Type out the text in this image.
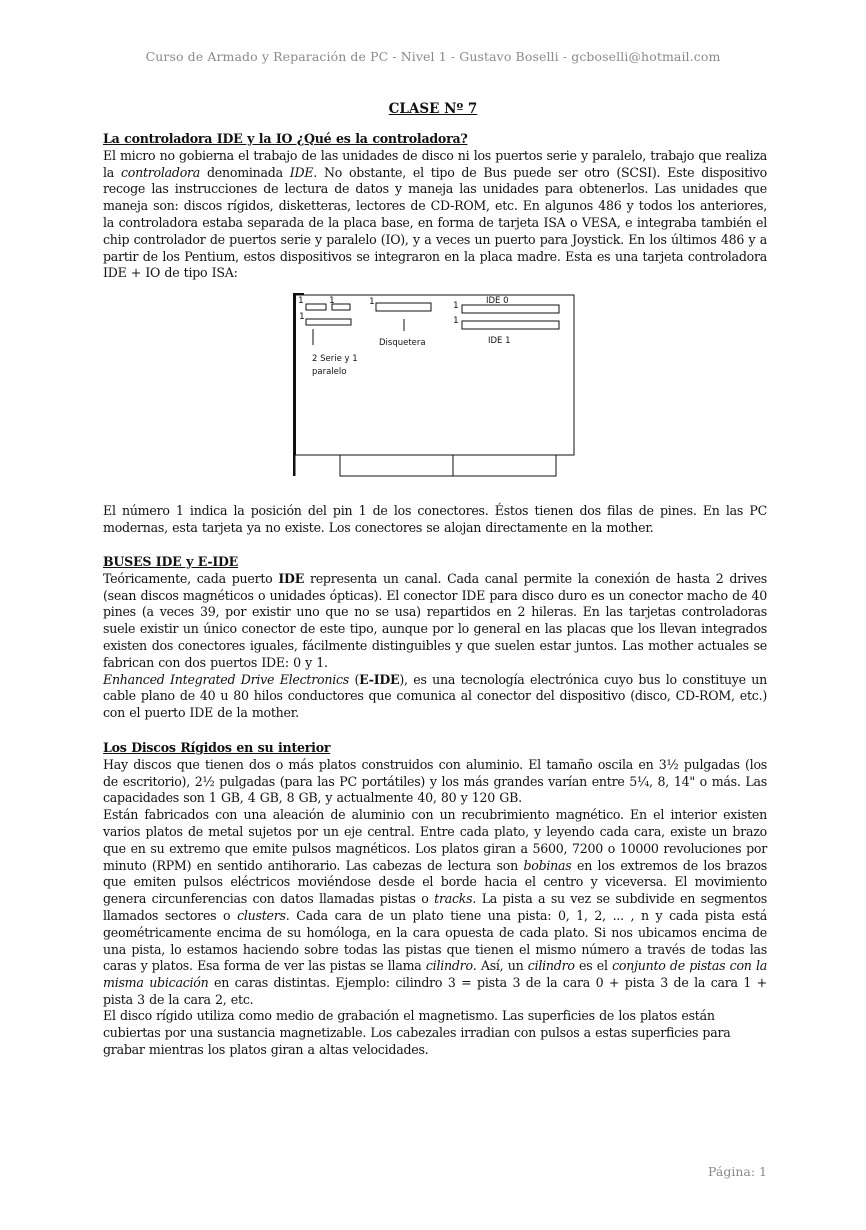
Curso de Armado y Reparación de PC - Nivel 1 - Gustavo Boselli - gcboselli@hotmail.com
CLASE Nº 7
La controladora IDE y la IO ¿Qué es la controladora?
El micro no gobierna el trabajo de las unidades de disco ni los puertos serie y paralelo, trabajo que realiza la controladora denominada IDE. No obstante, el tipo de Bus puede ser otro (SCSI). Este dispositivo recoge las instrucciones de lectura de datos y maneja las unidades para obtenerlos. Las unidades que maneja son: discos rígidos, disketteras, lectores de CD-ROM, etc. En algunos 486 y todos los anteriores, la controladora estaba separada de la placa base, en forma de tarjeta ISA o VESA, e integraba también el chip controlador de puertos serie y paralelo (IO), y a veces un puerto para Joystick. En los últimos 486 y a partir de los Pentium, estos dispositivos se integraron en la placa madre. Esta es una tarjeta controladora IDE + IO de tipo ISA:
1	1
1
1	1
1
IDE 0
IDE 1
Disquetera
2 Serie y 1
paralelo
El número 1 indica la posición del pin 1 de los conectores. Éstos tienen dos filas de pines. En las PC modernas, esta tarjeta ya no existe. Los conectores se alojan directamente en la mother.
BUSES IDE y E-IDE
Teóricamente, cada puerto IDE representa un canal. Cada canal permite la conexión de hasta 2 drives (sean discos magnéticos o unidades ópticas). El conector IDE para disco duro es un conector macho de 40 pines (a veces 39, por existir uno que no se usa) repartidos en 2 hileras. En las tarjetas controladoras suele existir un único conector de este tipo, aunque por lo general en las placas que los llevan integrados existen dos conectores iguales, fácilmente distinguibles y que suelen estar juntos. Las mother actuales se fabrican con dos puertos IDE: 0 y 1.
Enhanced Integrated Drive Electronics (E-IDE), es una tecnología electrónica cuyo bus lo constituye un cable plano de 40 u 80 hilos conductores que comunica al conector del dispositivo (disco, CD-ROM, etc.) con el puerto IDE de la mother.
Los Discos Rígidos en su interior
Hay discos que tienen dos o más platos construidos con aluminio. El tamaño oscila en 3½ pulgadas (los de escritorio), 2½ pulgadas (para las PC portátiles) y los más grandes varían entre 5¼, 8, 14" o más. Las capacidades son 1 GB, 4 GB, 8 GB, y actualmente 40, 80 y 120 GB.
Están fabricados con una aleación de aluminio con un recubrimiento magnético. En el interior existen varios platos de metal sujetos por un eje central. Entre cada plato, y leyendo cada cara, existe un brazo que en su extremo que emite pulsos magnéticos. Los platos giran a 5600, 7200 o 10000 revoluciones por minuto (RPM) en sentido antihorario. Las cabezas de lectura son bobinas en los extremos de los brazos que emiten pulsos eléctricos moviéndose desde el borde hacia el centro y viceversa. El movimiento genera circunferencias con datos llamadas pistas o tracks. La pista a su vez se subdivide en segmentos llamados sectores o clusters. Cada cara de un plato tiene una pista: 0, 1, 2, ... , n y cada pista está geométricamente encima de su homóloga, en la cara opuesta de cada plato. Si nos ubicamos encima de una pista, lo estamos haciendo sobre todas las pistas que tienen el mismo número a través de todas las caras y platos. Esa forma de ver las pistas se llama cilindro. Así, un cilindro es el conjunto de pistas con la misma ubicación en caras distintas. Ejemplo: cilindro 3 = pista 3 de la cara 0 + pista 3 de la cara 1 + pista 3 de la cara 2, etc.
El disco rígido utiliza como medio de grabación el magnetismo. Las superficies de los platos están cubiertas por una sustancia magnetizable. Los cabezales irradian con pulsos a estas superficies para grabar mientras los platos giran a altas velocidades.
Página: 1
